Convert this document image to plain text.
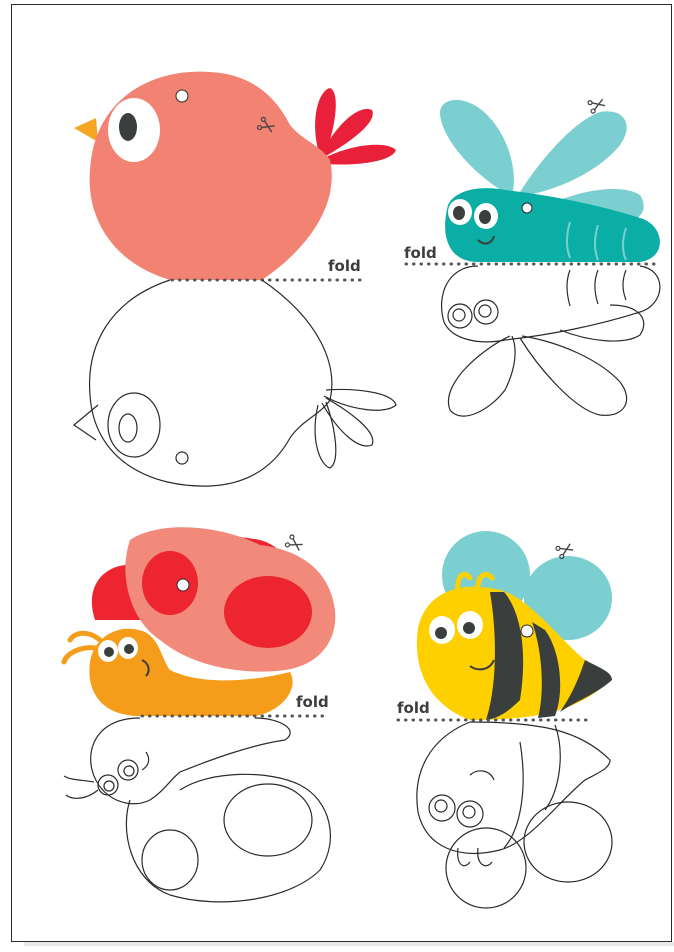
fold
fold
fold	fold
